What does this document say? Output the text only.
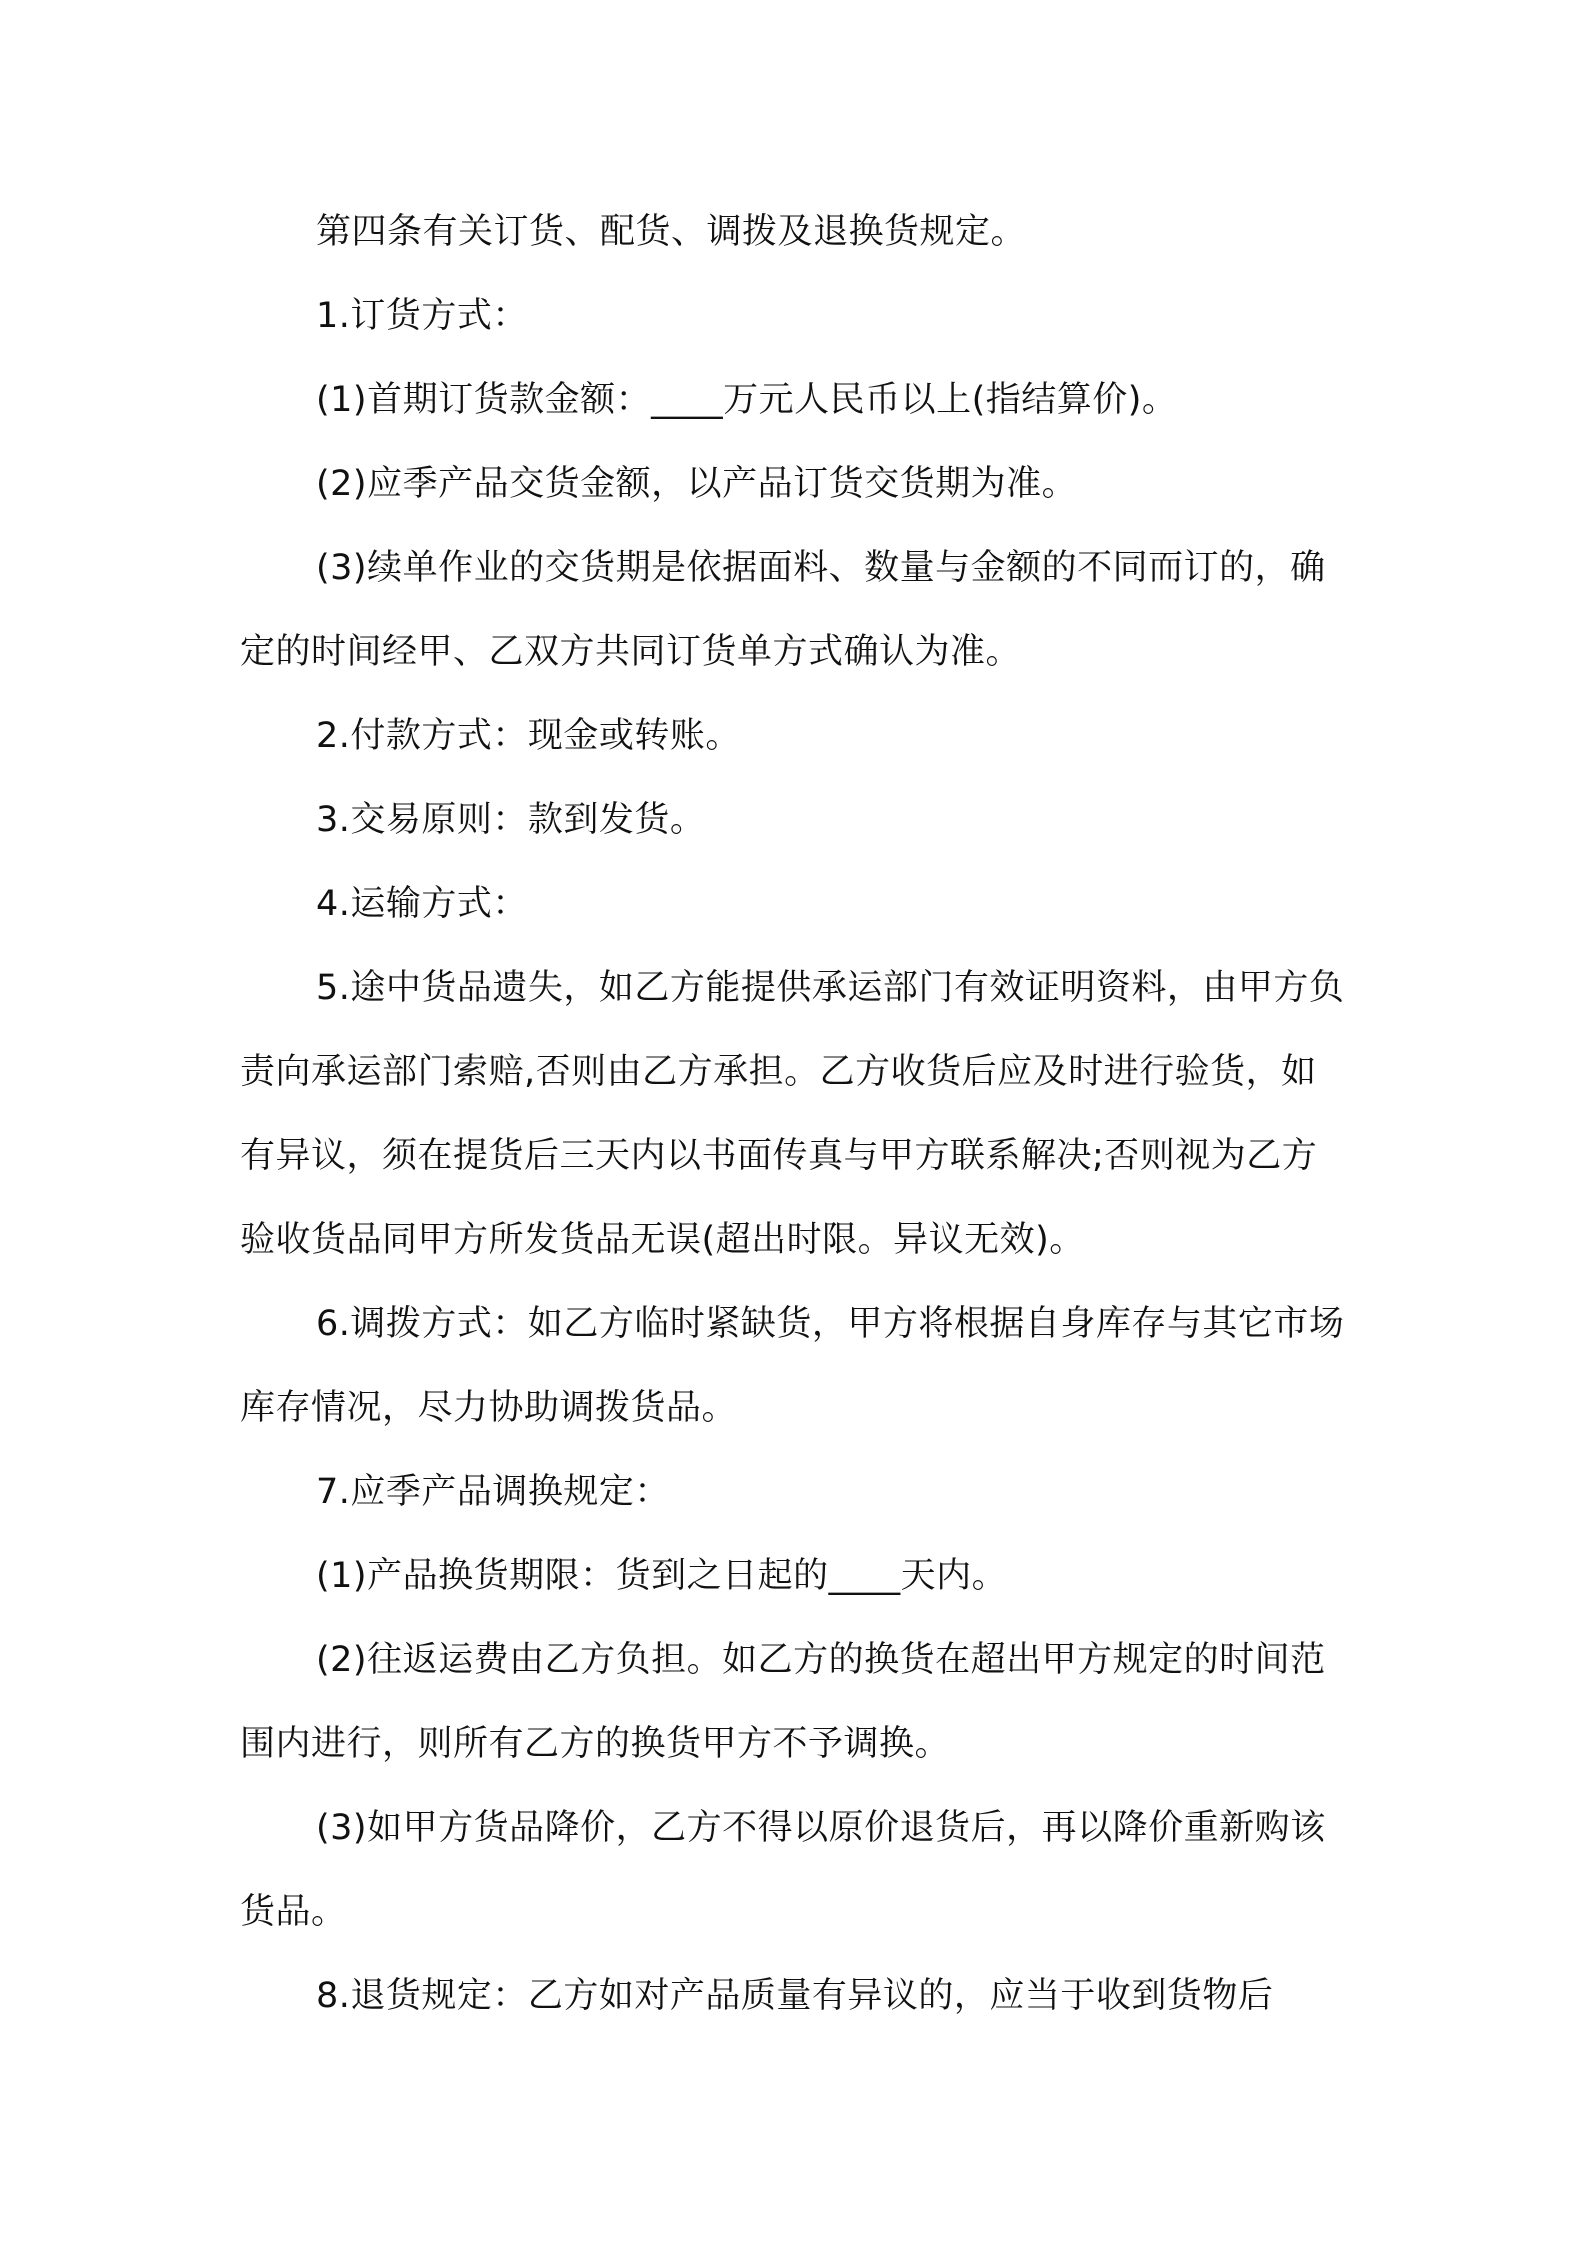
第四条有关订货、配货、调拨及退换货规定。

1.订货方式：

(1)首期订货款金额：____万元人民币以上(指结算价)。

(2)应季产品交货金额，以产品订货交货期为准。

(3)续单作业的交货期是依据面料、数量与金额的不同而订的，确定的时间经甲、乙双方共同订货单方式确认为准。

2.付款方式：现金或转账。

3.交易原则：款到发货。

4.运输方式：

5.途中货品遗失，如乙方能提供承运部门有效证明资料，由甲方负责向承运部门索赔,否则由乙方承担。乙方收货后应及时进行验货，如有异议，须在提货后三天内以书面传真与甲方联系解决;否则视为乙方验收货品同甲方所发货品无误(超出时限。异议无效)。

6.调拨方式：如乙方临时紧缺货，甲方将根据自身库存与其它市场库存情况，尽力协助调拨货品。

7.应季产品调换规定：

(1)产品换货期限：货到之日起的____天内。

(2)往返运费由乙方负担。如乙方的换货在超出甲方规定的时间范围内进行，则所有乙方的换货甲方不予调换。

(3)如甲方货品降价，乙方不得以原价退货后，再以降价重新购该货品。

8.退货规定：乙方如对产品质量有异议的，应当于收到货物后
